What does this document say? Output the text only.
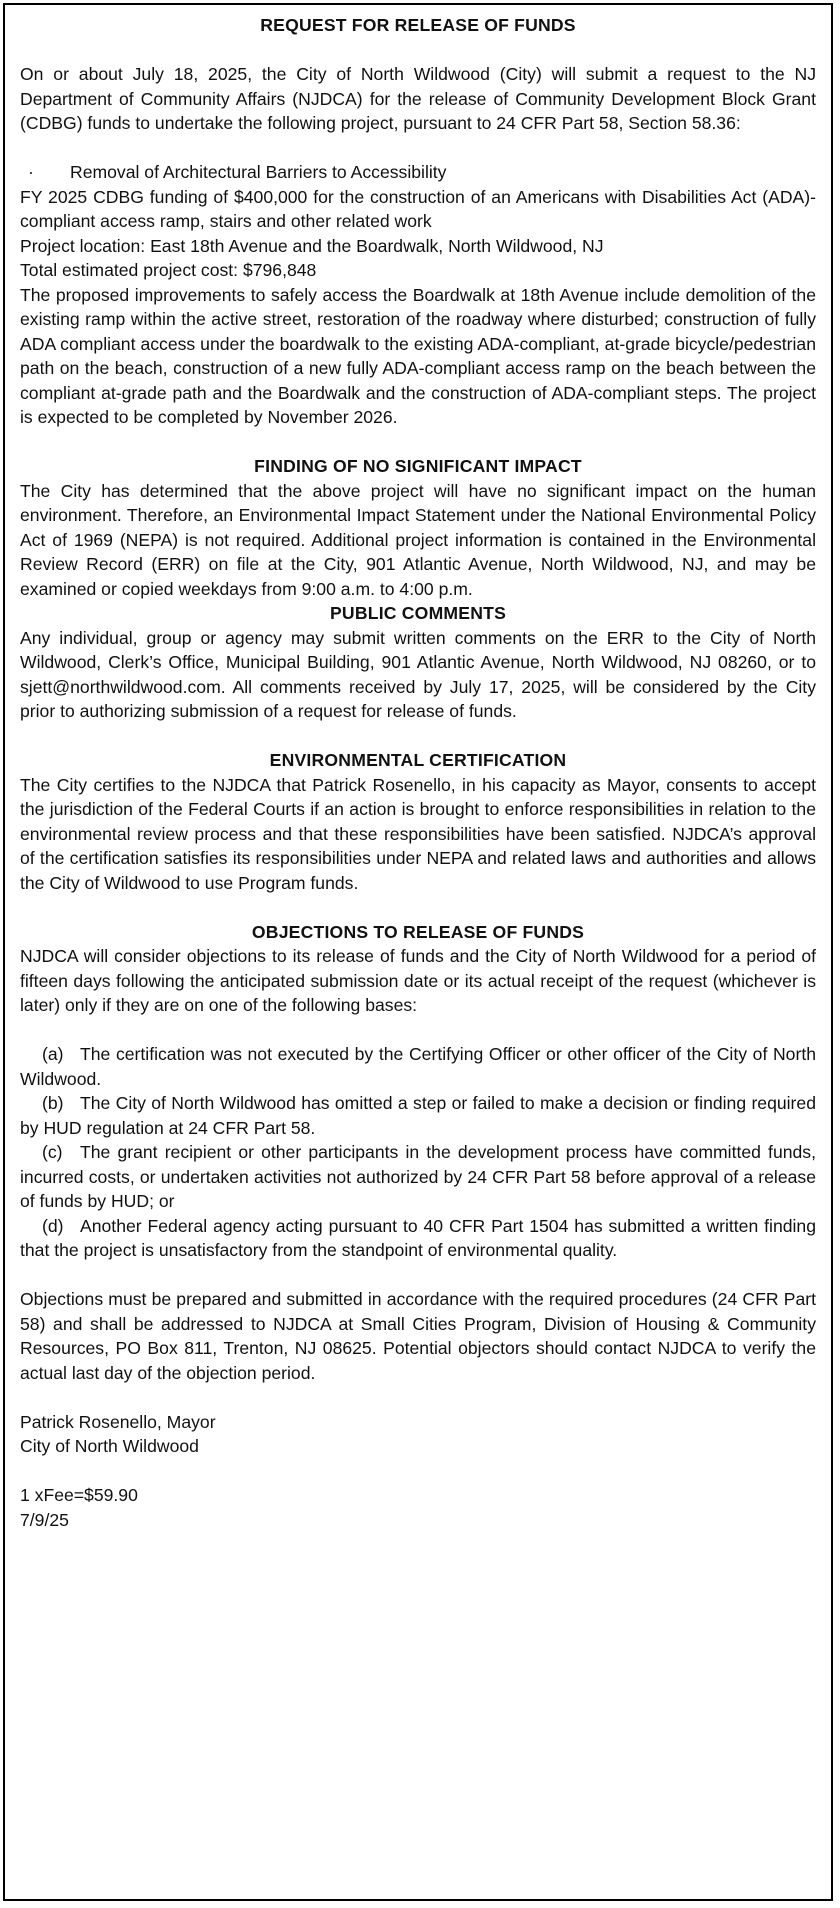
REQUEST FOR RELEASE OF FUNDS

On or about July 18, 2025, the City of North Wildwood (City) will submit a request to the NJ Department of Community Affairs (NJDCA) for the release of Community Development Block Grant (CDBG) funds to undertake the following project, pursuant to 24 CFR Part 58, Section 58.36:

· Removal of Architectural Barriers to Accessibility

FY 2025 CDBG funding of $400,000 for the construction of an Americans with Disabilities Act (ADA)-compliant access ramp, stairs and other related work

Project location: East 18th Avenue and the Boardwalk, North Wildwood, NJ

Total estimated project cost: $796,848

The proposed improvements to safely access the Boardwalk at 18th Avenue include demolition of the existing ramp within the active street, restoration of the roadway where disturbed; construction of fully ADA compliant access under the boardwalk to the existing ADA-compliant, at-grade bicycle/pedestrian path on the beach, construction of a new fully ADA-compliant access ramp on the beach between the compliant at-grade path and the Boardwalk and the construction of ADA-compliant steps. The project is expected to be completed by November 2026.

FINDING OF NO SIGNIFICANT IMPACT

The City has determined that the above project will have no significant impact on the human environment. Therefore, an Environmental Impact Statement under the National Environmental Policy Act of 1969 (NEPA) is not required. Additional project information is contained in the Environmental Review Record (ERR) on file at the City, 901 Atlantic Avenue, North Wildwood, NJ, and may be examined or copied weekdays from 9:00 a.m. to 4:00 p.m.

PUBLIC COMMENTS

Any individual, group or agency may submit written comments on the ERR to the City of North Wildwood, Clerk’s Office, Municipal Building, 901 Atlantic Avenue, North Wildwood, NJ 08260, or to sjett@northwildwood.com. All comments received by July 17, 2025, will be considered by the City prior to authorizing submission of a request for release of funds.

ENVIRONMENTAL CERTIFICATION

The City certifies to the NJDCA that Patrick Rosenello, in his capacity as Mayor, consents to accept the jurisdiction of the Federal Courts if an action is brought to enforce responsibilities in relation to the environmental review process and that these responsibilities have been satisfied. NJDCA’s approval of the certification satisfies its responsibilities under NEPA and related laws and authorities and allows the City of Wildwood to use Program funds.

OBJECTIONS TO RELEASE OF FUNDS

NJDCA will consider objections to its release of funds and the City of North Wildwood for a period of fifteen days following the anticipated submission date or its actual receipt of the request (whichever is later) only if they are on one of the following bases:

(a) The certification was not executed by the Certifying Officer or other officer of the City of North Wildwood.

(b) The City of North Wildwood has omitted a step or failed to make a decision or finding required by HUD regulation at 24 CFR Part 58.

(c) The grant recipient or other participants in the development process have committed funds, incurred costs, or undertaken activities not authorized by 24 CFR Part 58 before approval of a release of funds by HUD; or

(d) Another Federal agency acting pursuant to 40 CFR Part 1504 has submitted a written finding that the project is unsatisfactory from the standpoint of environmental quality.

Objections must be prepared and submitted in accordance with the required procedures (24 CFR Part 58) and shall be addressed to NJDCA at Small Cities Program, Division of Housing & Community Resources, PO Box 811, Trenton, NJ 08625. Potential objectors should contact NJDCA to verify the actual last day of the objection period.

Patrick Rosenello, Mayor

City of North Wildwood

1 xFee=$59.90

7/9/25
